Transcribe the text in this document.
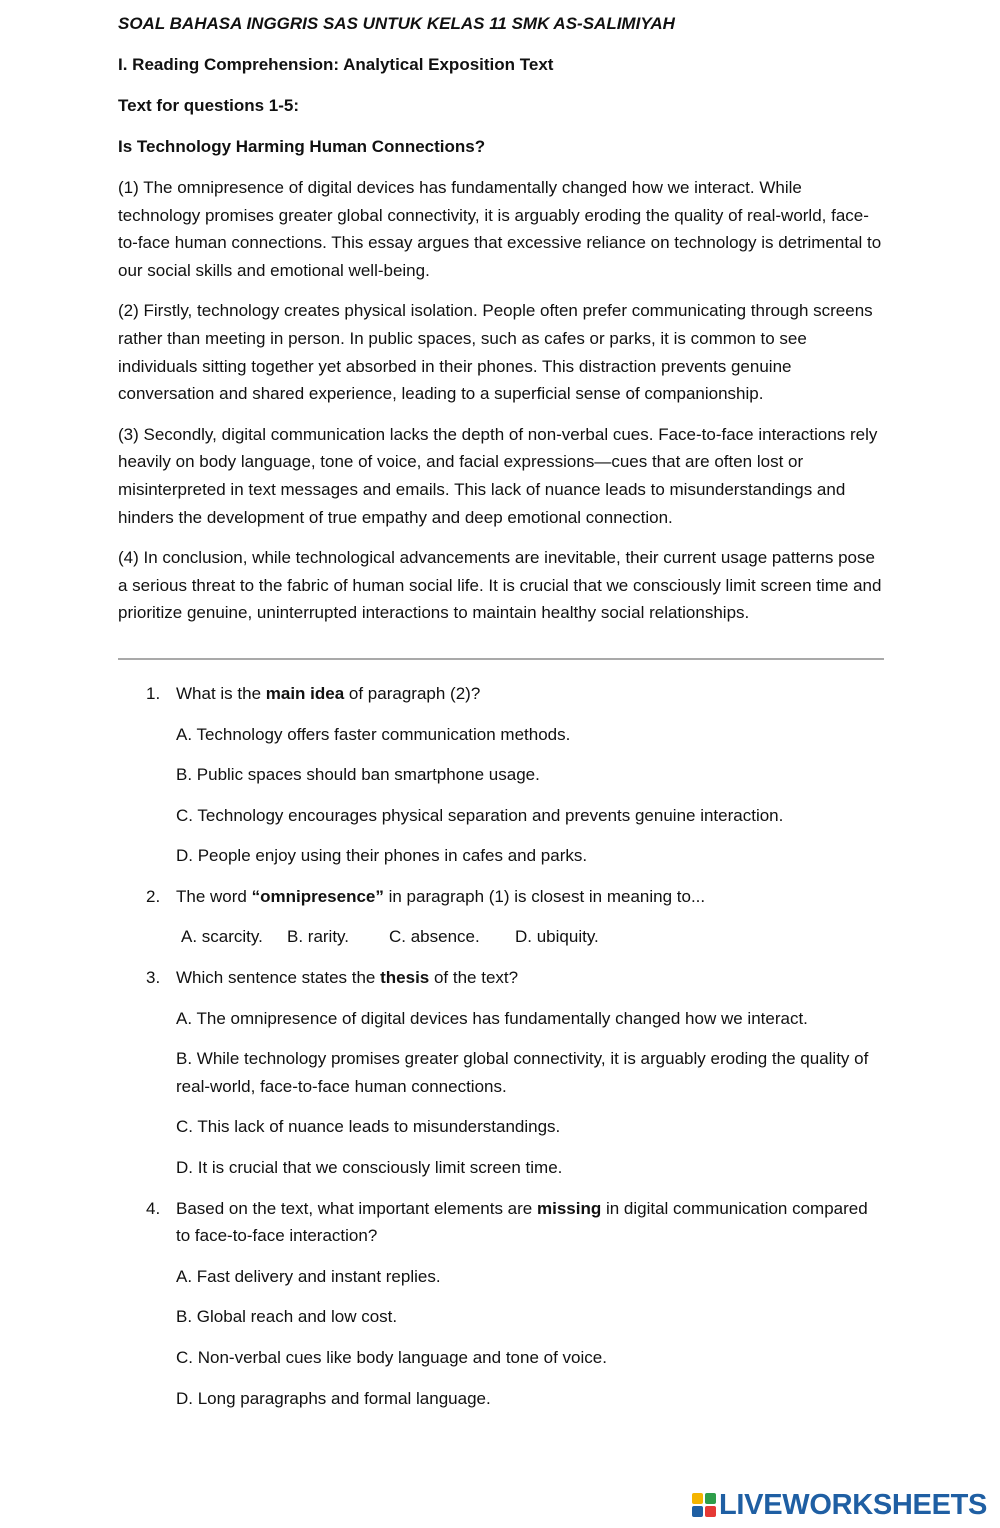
SOAL BAHASA INGGRIS SAS UNTUK KELAS 11 SMK AS-SALIMIYAH

I. Reading Comprehension: Analytical Exposition Text

Text for questions 1-5:

Is Technology Harming Human Connections?

(1) The omnipresence of digital devices has fundamentally changed how we interact. While technology promises greater global connectivity, it is arguably eroding the quality of real-world, face-to-face human connections. This essay argues that excessive reliance on technology is detrimental to our social skills and emotional well-being.

(2) Firstly, technology creates physical isolation. People often prefer communicating through screens rather than meeting in person. In public spaces, such as cafes or parks, it is common to see individuals sitting together yet absorbed in their phones. This distraction prevents genuine conversation and shared experience, leading to a superficial sense of companionship.

(3) Secondly, digital communication lacks the depth of non-verbal cues. Face-to-face interactions rely heavily on body language, tone of voice, and facial expressions—cues that are often lost or misinterpreted in text messages and emails. This lack of nuance leads to misunderstandings and hinders the development of true empathy and deep emotional connection.

(4) In conclusion, while technological advancements are inevitable, their current usage patterns pose a serious threat to the fabric of human social life. It is crucial that we consciously limit screen time and prioritize genuine, uninterrupted interactions to maintain healthy social relationships.

1. What is the main idea of paragraph (2)?
A. Technology offers faster communication methods.
B. Public spaces should ban smartphone usage.
C. Technology encourages physical separation and prevents genuine interaction.
D. People enjoy using their phones in cafes and parks.
2. The word “omnipresence” in paragraph (1) is closest in meaning to...
A. scarcity.	B. rarity.	C. absence.	D. ubiquity.
3. Which sentence states the thesis of the text?
A. The omnipresence of digital devices has fundamentally changed how we interact.
B. While technology promises greater global connectivity, it is arguably eroding the quality of real-world, face-to-face human connections.
C. This lack of nuance leads to misunderstandings.
D. It is crucial that we consciously limit screen time.
4. Based on the text, what important elements are missing in digital communication compared to face-to-face interaction?
A. Fast delivery and instant replies.
B. Global reach and low cost.
C. Non-verbal cues like body language and tone of voice.
D. Long paragraphs and formal language.
LIVEWORKSHEETS
